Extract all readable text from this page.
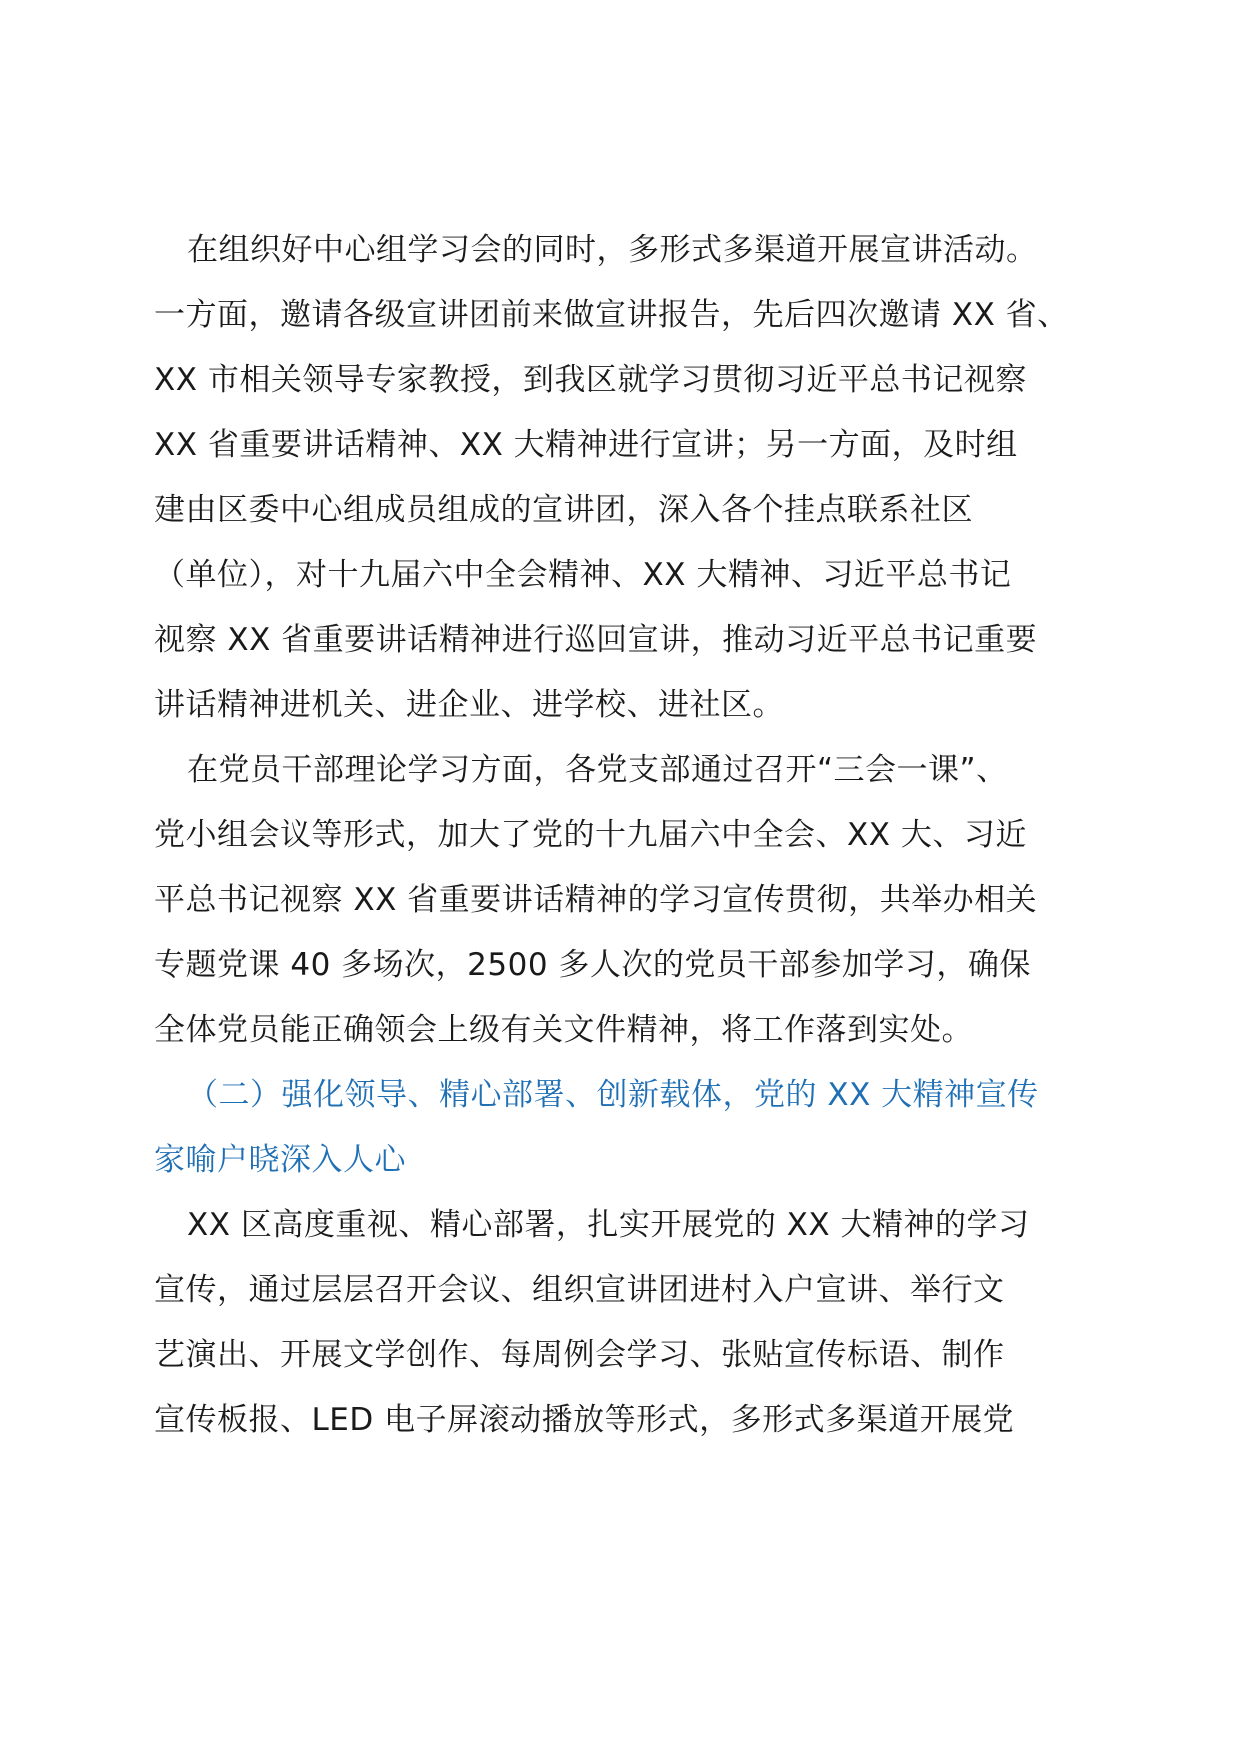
在组织好中心组学习会的同时，多形式多渠道开展宣讲活动。
一方面，邀请各级宣讲团前来做宣讲报告，先后四次邀请 XX 省、
XX 市相关领导专家教授，到我区就学习贯彻习近平总书记视察
XX 省重要讲话精神、XX 大精神进行宣讲；另一方面，及时组
建由区委中心组成员组成的宣讲团，深入各个挂点联系社区
（单位），对十九届六中全会精神、XX 大精神、习近平总书记
视察 XX 省重要讲话精神进行巡回宣讲，推动习近平总书记重要
讲话精神进机关、进企业、进学校、进社区。
在党员干部理论学习方面，各党支部通过召开“三会一课”、
党小组会议等形式，加大了党的十九届六中全会、XX 大、习近
平总书记视察 XX 省重要讲话精神的学习宣传贯彻，共举办相关
专题党课 40 多场次，2500 多人次的党员干部参加学习，确保
全体党员能正确领会上级有关文件精神，将工作落到实处。
（二）强化领导、精心部署、创新载体，党的 XX 大精神宣传
家喻户晓深入人心
XX 区高度重视、精心部署，扎实开展党的 XX 大精神的学习
宣传，通过层层召开会议、组织宣讲团进村入户宣讲、举行文
艺演出、开展文学创作、每周例会学习、张贴宣传标语、制作
宣传板报、LED 电子屏滚动播放等形式，多形式多渠道开展党
